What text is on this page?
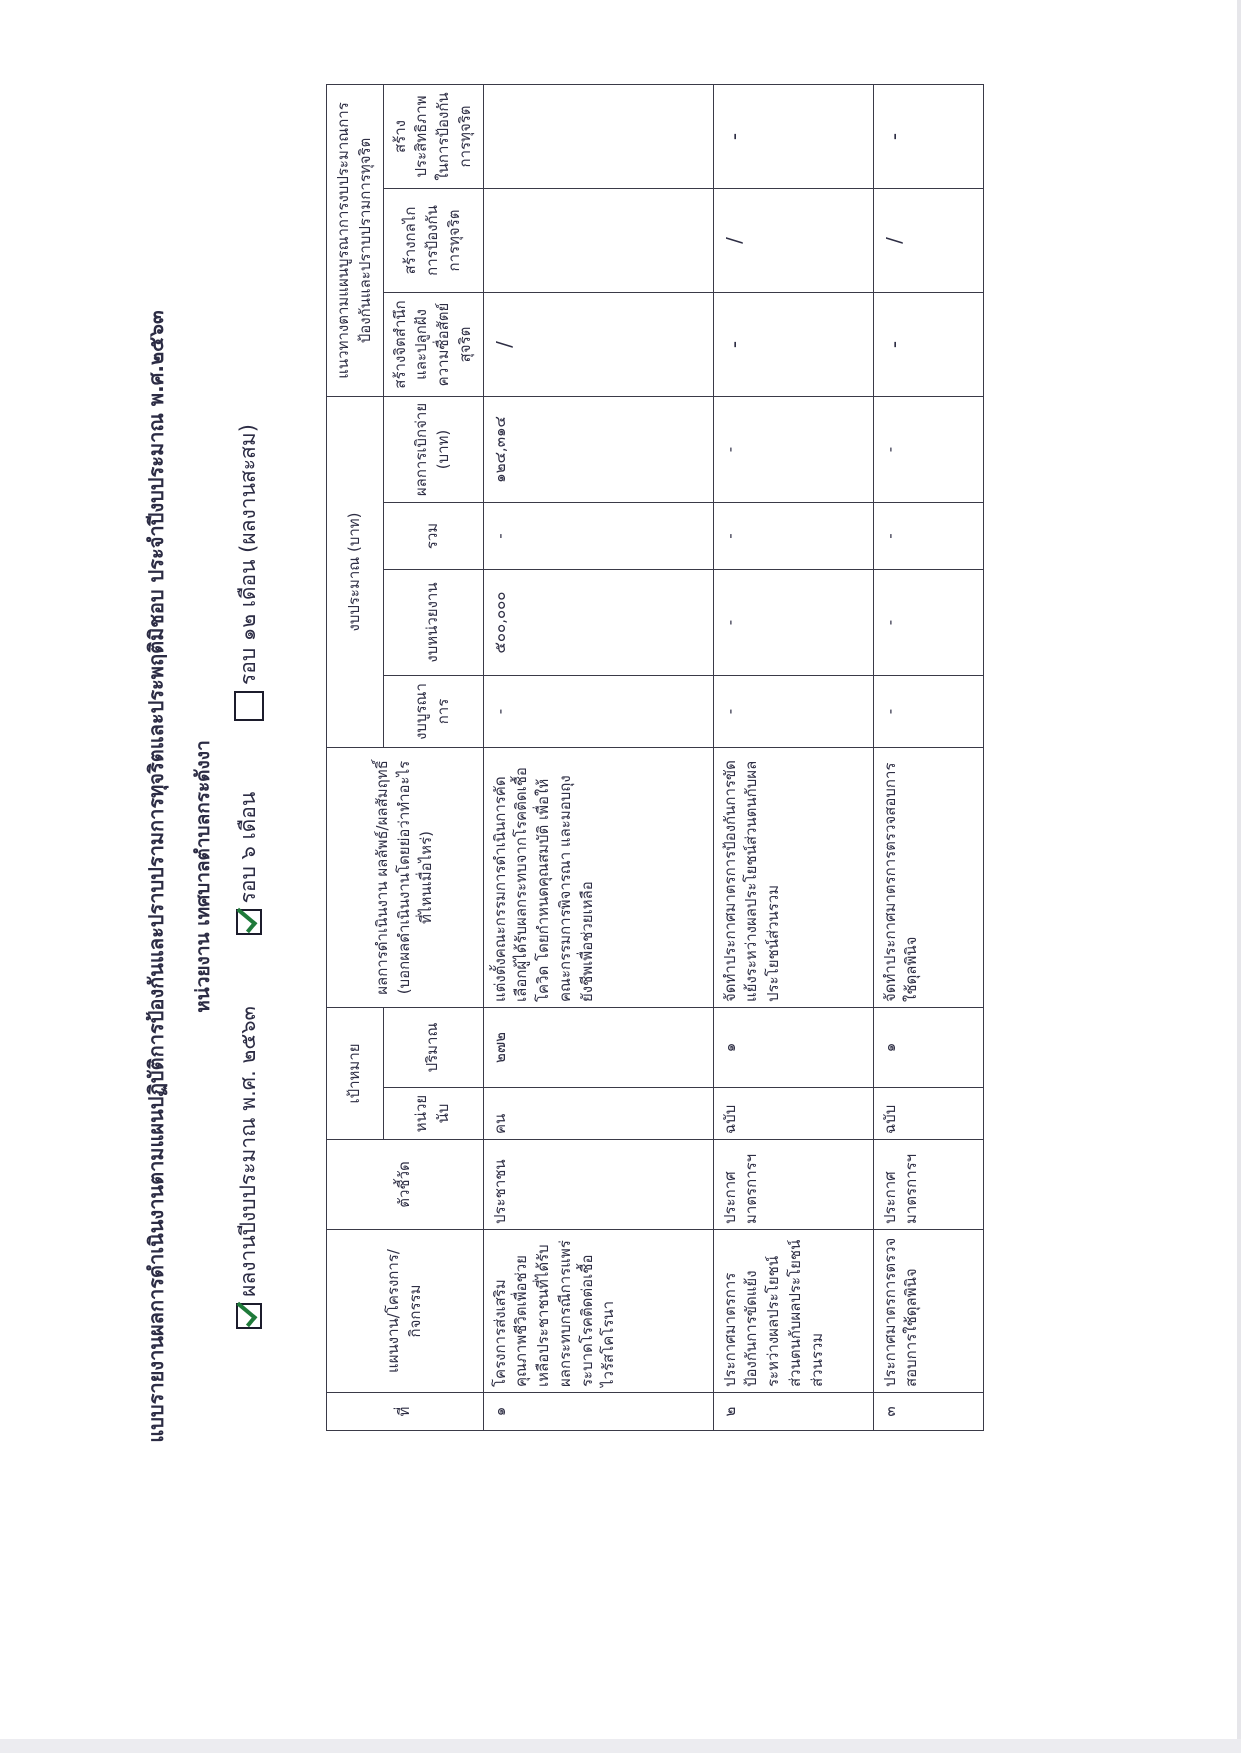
แบบรายงานผลการดำเนินงานตามแผนปฏิบัติการป้องกันและปราบปรามการทุจริตและประพฤติมิชอบ ประจำปีงบประมาณ พ.ศ.๒๕๖๓ หน่วยงาน เทศบาลตำบลกระดังงา
ผลงานปีงบประมาณ พ.ศ. ๒๕๖๓ รอบ ๖ เดือน รอบ ๑๒ เดือน (ผลงานสะสม)
ที่	แผนงาน/โครงการ/กิจกรรม	ตัวชี้วัด	เป้าหมาย		ผลการดำเนินงาน ผลลัพธ์/ผลสัมฤทธิ์ (บอกผลดำเนินงานโดยย่อว่าทำอะไร ที่ไหนเมื่อไหร่)	งบประมาณ (บาท)				แนวทางตามแผนบูรณาการงบประมาณการป้องกันและปราบปรามการทุจริต		
			หน่วยนับ	ปริมาณ		งบบูรณาการ	งบหน่วยงาน	รวม	ผลการเบิกจ่าย (บาท)	สร้างจิตสำนึกและปลูกฝังความซื่อสัตย์สุจริต	สร้างกลไกการป้องกันการทุจริต	สร้างประสิทธิภาพในการป้องกันการทุจริต
๑	โครงการส่งเสริมคุณภาพชีวิตเพื่อช่วยเหลือประชาชนที่ได้รับผลกระทบกรณีการแพร่ระบาดโรคติดต่อเชื้อไวรัสโคโรนา	ประชาชน	คน	๒๗๒	แต่งตั้งคณะกรรมการดำเนินการคัดเลือกผู้ได้รับผลกระทบจากโรคติดเชื้อโควิด โดยกำหนดคุณสมบัติ เพื่อให้คณะกรรมการพิจารณา และมอบถุงยังชีพเพื่อช่วยเหลือ	-	๕๐๐,๐๐๐	-	๑๒๔,๓๑๔	/		
๒	ประกาศมาตรการป้องกันการขัดแย้งระหว่างผลประโยชน์ส่วนตนกับผลประโยชน์ส่วนรวม	ประกาศมาตรการฯ	ฉบับ	๑	จัดทำประกาศมาตรการป้องกันการขัดแย้งระหว่างผลประโยชน์ส่วนตนกับผลประโยชน์ส่วนรวม	-	-	-	-	-	/	-
๓	ประกาศมาตรการตรวจสอบการใช้ดุลพินิจ	ประกาศมาตรการฯ	ฉบับ	๑	จัดทำประกาศมาตรการตรวจสอบการใช้ดุลพินิจ	-	-	-	-	-	/	-
